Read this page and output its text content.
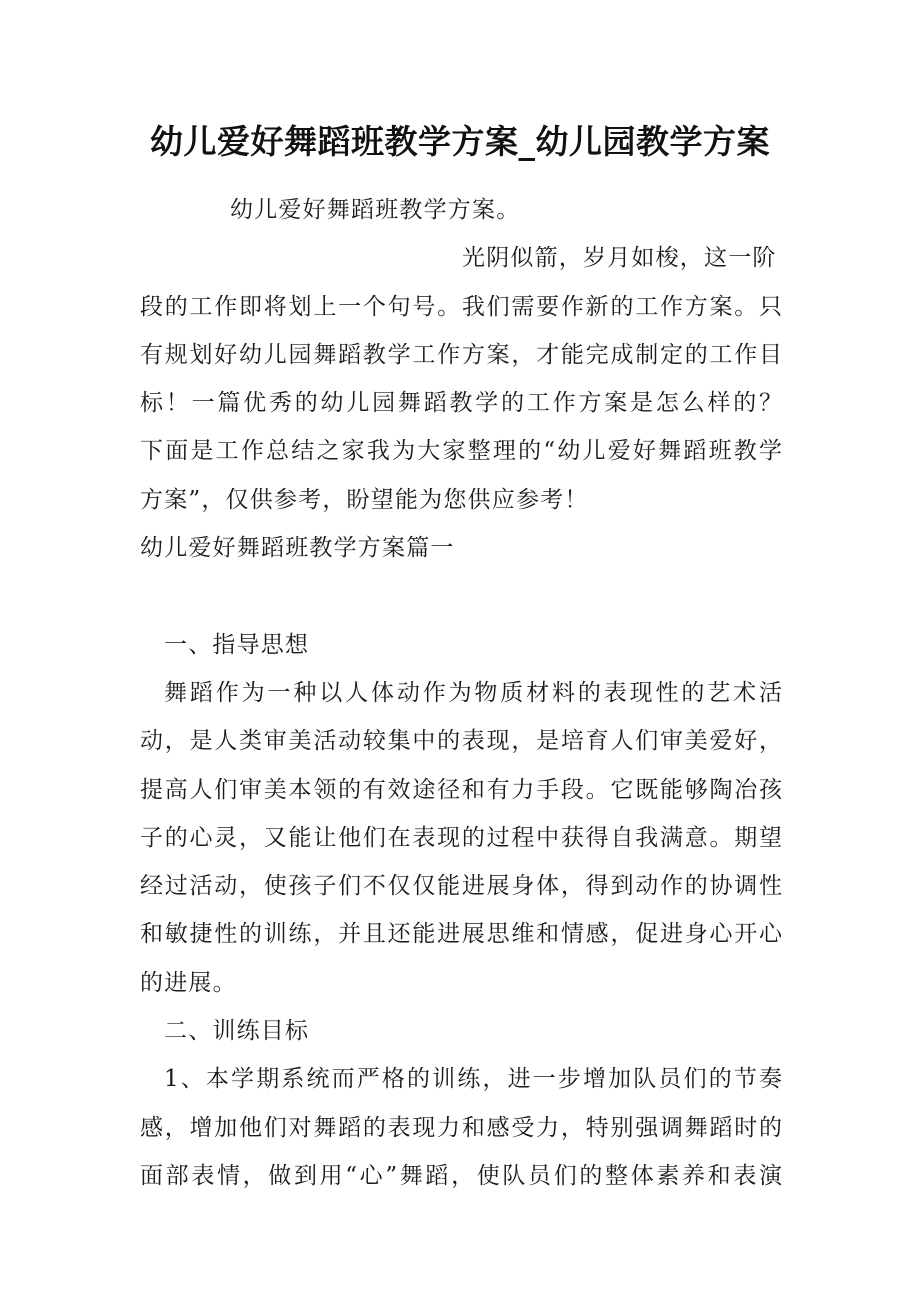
幼儿爱好舞蹈班教学方案_幼儿园教学方案
幼儿爱好舞蹈班教学方案。
光阴似箭，岁月如梭，这一阶
段的工作即将划上一个句号。我们需要作新的工作方案。只
有规划好幼儿园舞蹈教学工作方案，才能完成制定的工作目
标！一篇优秀的幼儿园舞蹈教学的工作方案是怎么样的？
下面是工作总结之家我为大家整理的“幼儿爱好舞蹈班教学
方案”，仅供参考，盼望能为您供应参考！
幼儿爱好舞蹈班教学方案篇一
一、指导思想
舞蹈作为一种以人体动作为物质材料的表现性的艺术活
动，是人类审美活动较集中的表现，是培育人们审美爱好，
提高人们审美本领的有效途径和有力手段。它既能够陶冶孩
子的心灵，又能让他们在表现的过程中获得自我满意。期望
经过活动，使孩子们不仅仅能进展身体，得到动作的协调性
和敏捷性的训练，并且还能进展思维和情感，促进身心开心
的进展。
二、训练目标
1、本学期系统而严格的训练，进一步增加队员们的节奏
感，增加他们对舞蹈的表现力和感受力，特别强调舞蹈时的
面部表情，做到用“心”舞蹈，使队员们的整体素养和表演
